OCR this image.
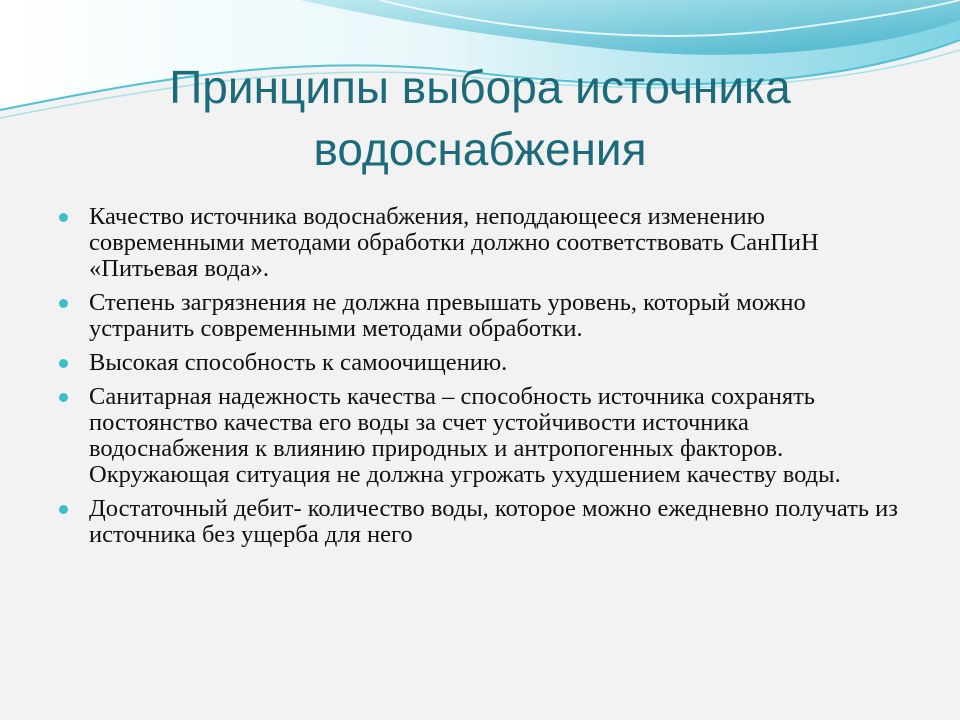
Принципы выбора источника
водоснабжения
Качество источника водоснабжения, неподдающееся изменению современными методами обработки должно соответствовать СанПиН «Питьевая вода».
Степень загрязнения не должна превышать уровень, который можно устранить современными методами обработки.
Высокая способность к самоочищению.
Санитарная надежность качества – способность источника сохранять постоянство качества его воды за счет устойчивости источника водоснабжения к влиянию природных и антропогенных факторов. Окружающая ситуация не должна угрожать ухудшением качеству воды.
Достаточный дебит- количество воды, которое можно ежедневно получать из источника без ущерба для него
